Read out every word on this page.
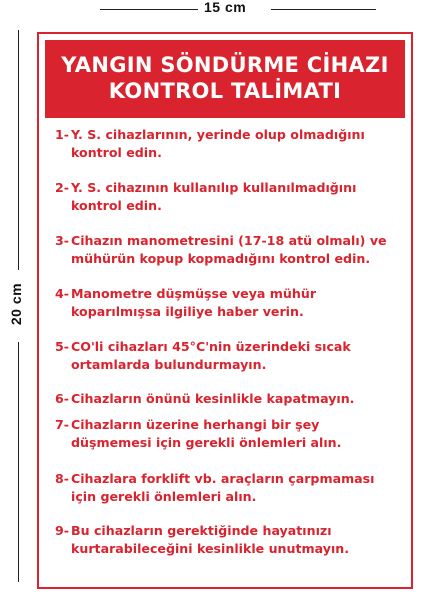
15 cm
20 cm
YANGIN SÖNDÜRME CİHAZI
KONTROL TALİMATI
1- Y. S. cihazlarının, yerinde olup olmadığını kontrol edin.
2- Y. S. cihazının kullanılıp kullanılmadığını kontrol edin.
3- Cihazın manometresini (17-18 atü olmalı) ve mühürün kopup kopmadığını kontrol edin.
4- Manometre düşmüşse veya mühür koparılmışsa ilgiliye haber verin.
5- CO'li cihazları 45°C'nin üzerindeki sıcak ortamlarda bulundurmayın.
6- Cihazların önünü kesinlikle kapatmayın.
7- Cihazların üzerine herhangi bir şey düşmemesi için gerekli önlemleri alın.
8- Cihazlara forklift vb. araçların çarpmaması için gerekli önlemleri alın.
9- Bu cihazların gerektiğinde hayatınızı kurtarabileceğini kesinlikle unutmayın.
